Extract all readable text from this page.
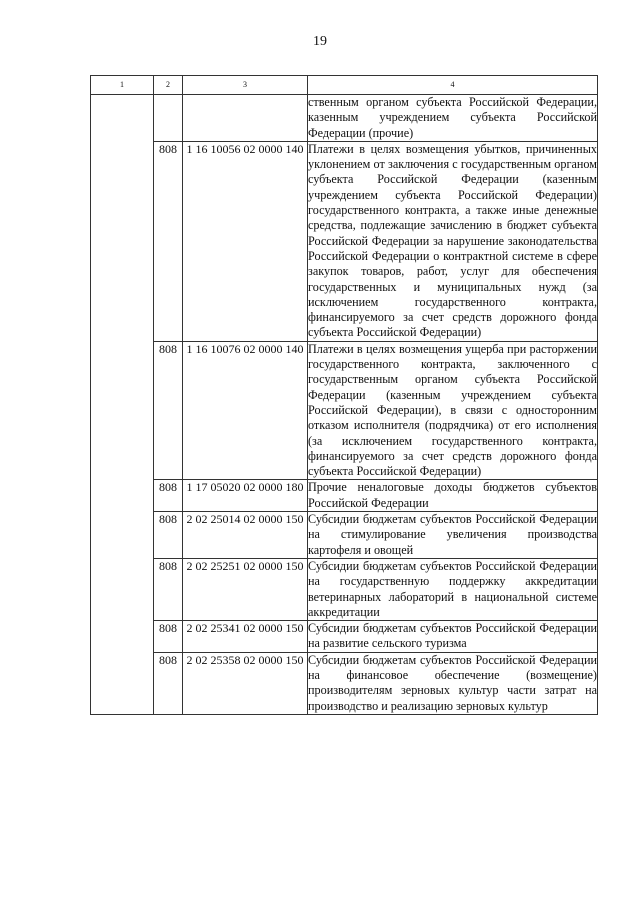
19
1	2	3	4
			ственным органом субъекта Российской Федерации, казенным учреждением субъекта Российской Федерации (прочие)
	808	1 16 10056 02 0000 140	Платежи в целях возмещения убытков, причиненных уклонением от заключения с государственным органом субъекта Российской Федерации (казенным учреждением субъекта Российской Федерации) государственного контракта, а также иные денежные средства, подлежащие зачислению в бюджет субъекта Российской Федерации за нарушение законодательства Российской Федерации о контрактной системе в сфере закупок товаров, работ, услуг для обеспечения государственных и муниципальных нужд (за исключением государственного контракта, финансируемого за счет средств дорожного фонда субъекта Российской Федерации)
	808	1 16 10076 02 0000 140	Платежи в целях возмещения ущерба при расторжении государственного контракта, заключенного с государственным органом субъекта Российской Федерации (казенным учреждением субъекта Российской Федерации), в связи с односторонним отказом исполнителя (подрядчика) от его исполнения (за исключением государственного контракта, финансируемого за счет средств дорожного фонда субъекта Российской Федерации)
	808	1 17 05020 02 0000 180	Прочие неналоговые доходы бюджетов субъектов Российской Федерации
	808	2 02 25014 02 0000 150	Субсидии бюджетам субъектов Российской Федерации на стимулирование увеличения производства картофеля и овощей
	808	2 02 25251 02 0000 150	Субсидии бюджетам субъектов Российской Федерации на государственную поддержку аккредитации ветеринарных лабораторий в национальной системе аккредитации
	808	2 02 25341 02 0000 150	Субсидии бюджетам субъектов Российской Федерации на развитие сельского туризма
	808	2 02 25358 02 0000 150	Субсидии бюджетам субъектов Российской Федерации на финансовое обеспечение (возмещение) производителям зерновых культур части затрат на производство и реализацию зерновых культур
